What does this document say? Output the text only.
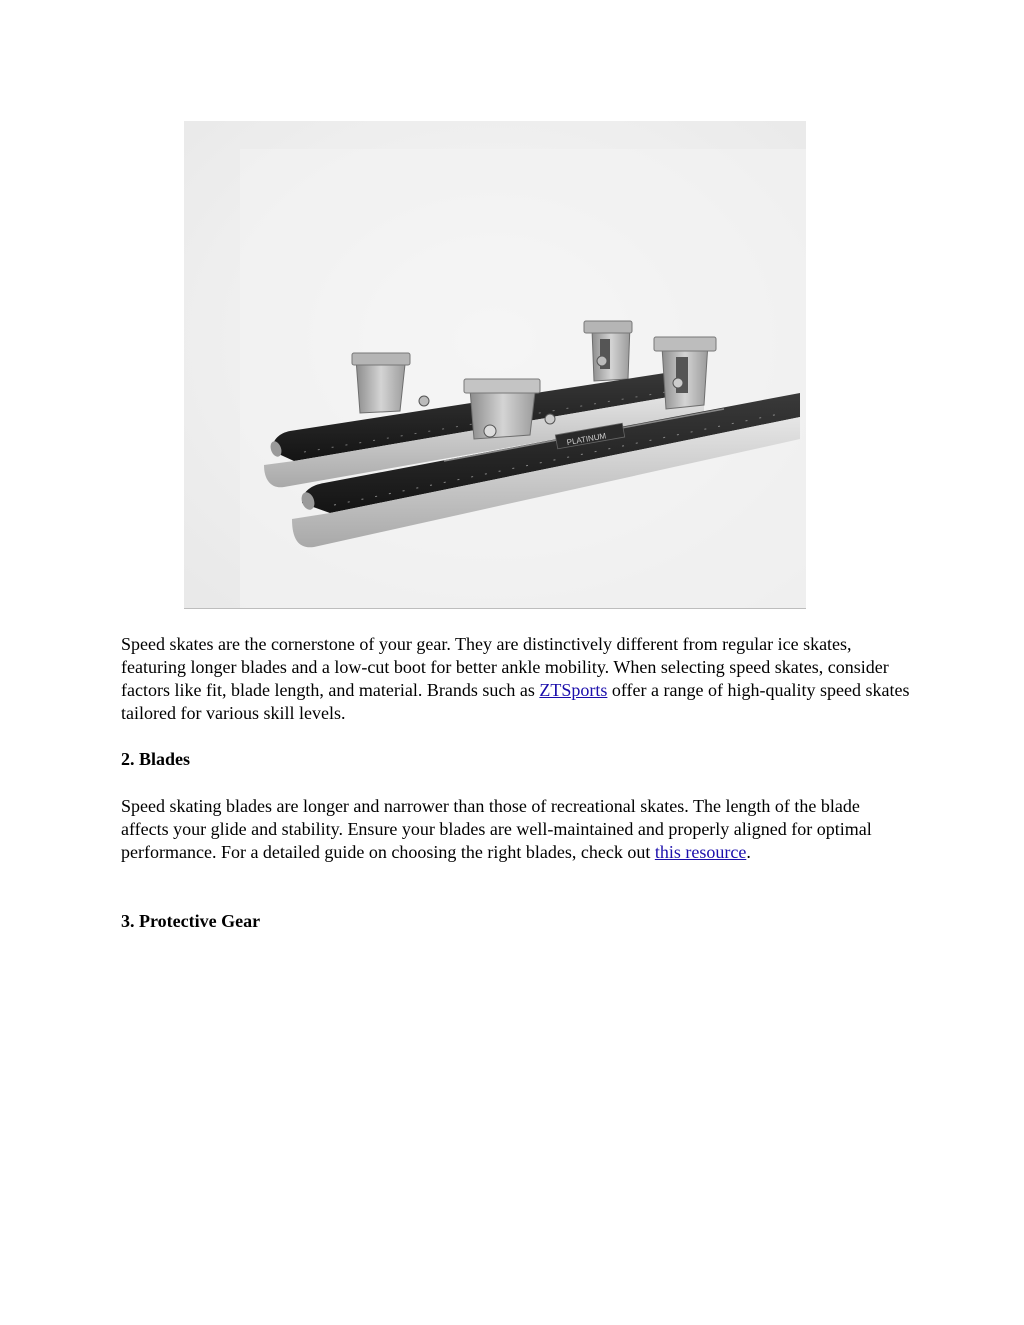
PLATINUM

Speed skates are the cornerstone of your gear. They are distinctively different from regular ice skates, featuring longer blades and a low-cut boot for better ankle mobility. When selecting speed skates, consider factors like fit, blade length, and material. Brands such as ZTSports offer a range of high-quality speed skates tailored for various skill levels.

2. Blades

Speed skating blades are longer and narrower than those of recreational skates. The length of the blade affects your glide and stability. Ensure your blades are well-maintained and properly aligned for optimal performance. For a detailed guide on choosing the right blades, check out this resource.

3. Protective Gear
